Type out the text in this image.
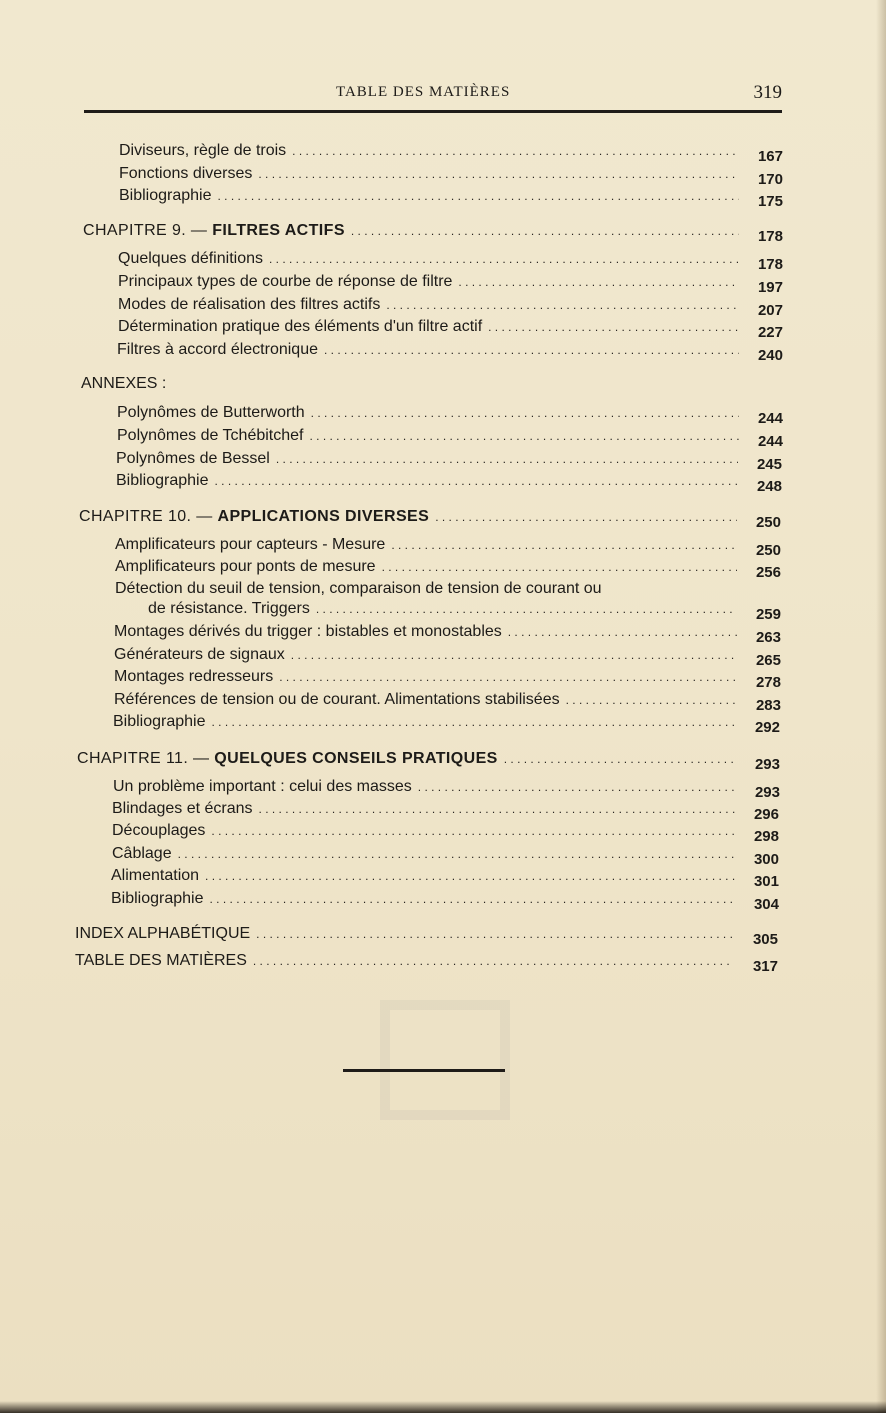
TABLE DES MATIÈRES	319
Diviseurs, règle de trois . . .	167
Fonctions diverses . . .	170
Bibliographie . . .	175
CHAPITRE 9. — FILTRES ACTIFS . . .	178
Quelques définitions . . .	178
Principaux types de courbe de réponse de filtre . . .	197
Modes de réalisation des filtres actifs . . .	207
Détermination pratique des éléments d'un filtre actif . . .	227
Filtres à accord électronique . . .	240
ANNEXES :
Polynômes de Butterworth . . .	244
Polynômes de Tchébitchef . . .	244
Polynômes de Bessel . . .	245
Bibliographie . . .	248
CHAPITRE 10. — APPLICATIONS DIVERSES . . .	250
Amplificateurs pour capteurs - Mesure . . .	250
Amplificateurs pour ponts de mesure . . .	256
Détection du seuil de tension, comparaison de tension de courant ou
de résistance. Triggers . . .	259
Montages dérivés du trigger : bistables et monostables . . .	263
Générateurs de signaux . . .	265
Montages redresseurs . . .	278
Références de tension ou de courant. Alimentations stabilisées . . .	283
Bibliographie . . .	292
CHAPITRE 11. — QUELQUES CONSEILS PRATIQUES . . .	293
Un problème important : celui des masses . . .	293
Blindages et écrans . . .	296
Découplages . . .	298
Câblage . . .	300
Alimentation . . .	301
Bibliographie . . .	304
INDEX ALPHABÉTIQUE . . .	305
TABLE DES MATIÈRES . . .	317
